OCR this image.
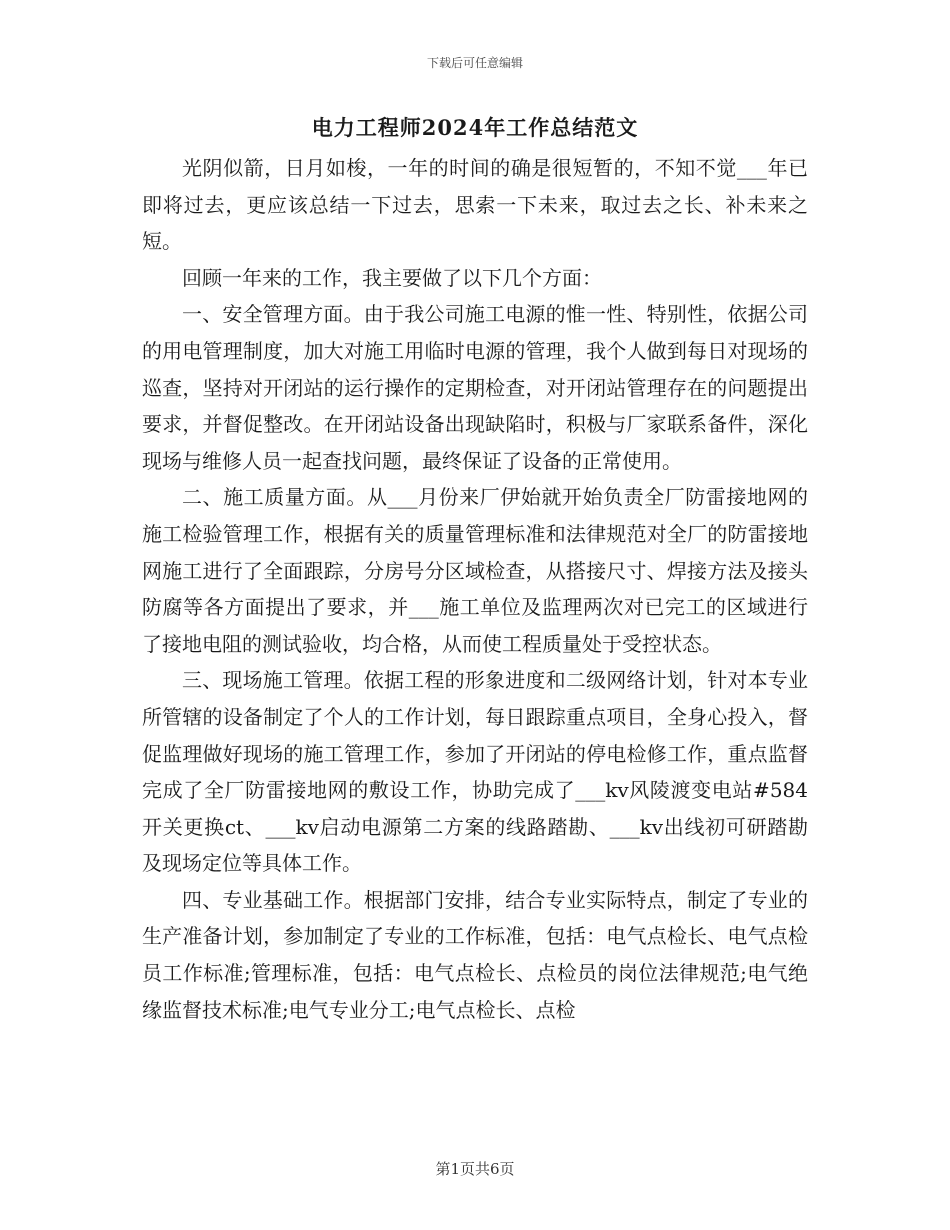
下载后可任意编辑
电力工程师2024年工作总结范文

光阴似箭，日月如梭，一年的时间的确是很短暂的，不知不觉___年已即将过去，更应该总结一下过去，思索一下未来，取过去之长、补未来之短。

回顾一年来的工作，我主要做了以下几个方面：

一、安全管理方面。由于我公司施工电源的惟一性、特别性，依据公司的用电管理制度，加大对施工用临时电源的管理，我个人做到每日对现场的巡查，坚持对开闭站的运行操作的定期检查，对开闭站管理存在的问题提出要求，并督促整改。在开闭站设备出现缺陷时，积极与厂家联系备件，深化现场与维修人员一起查找问题，最终保证了设备的正常使用。

二、施工质量方面。从___月份来厂伊始就开始负责全厂防雷接地网的施工检验管理工作，根据有关的质量管理标准和法律规范对全厂的防雷接地网施工进行了全面跟踪，分房号分区域检查，从搭接尺寸、焊接方法及接头防腐等各方面提出了要求，并___施工单位及监理两次对已完工的区域进行了接地电阻的测试验收，均合格，从而使工程质量处于受控状态。

三、现场施工管理。依据工程的形象进度和二级网络计划，针对本专业所管辖的设备制定了个人的工作计划，每日跟踪重点项目，全身心投入，督促监理做好现场的施工管理工作，参加了开闭站的停电检修工作，重点监督完成了全厂防雷接地网的敷设工作，协助完成了___kv风陵渡变电站#584开关更换ct、___kv启动电源第二方案的线路踏勘、___kv出线初可研踏勘及现场定位等具体工作。

四、专业基础工作。根据部门安排，结合专业实际特点，制定了专业的生产准备计划，参加制定了专业的工作标准，包括：电气点检长、电气点检员工作标准;管理标准，包括：电气点检长、点检员的岗位法律规范;电气绝缘监督技术标准;电气专业分工;电气点检长、点检

第1页共6页
